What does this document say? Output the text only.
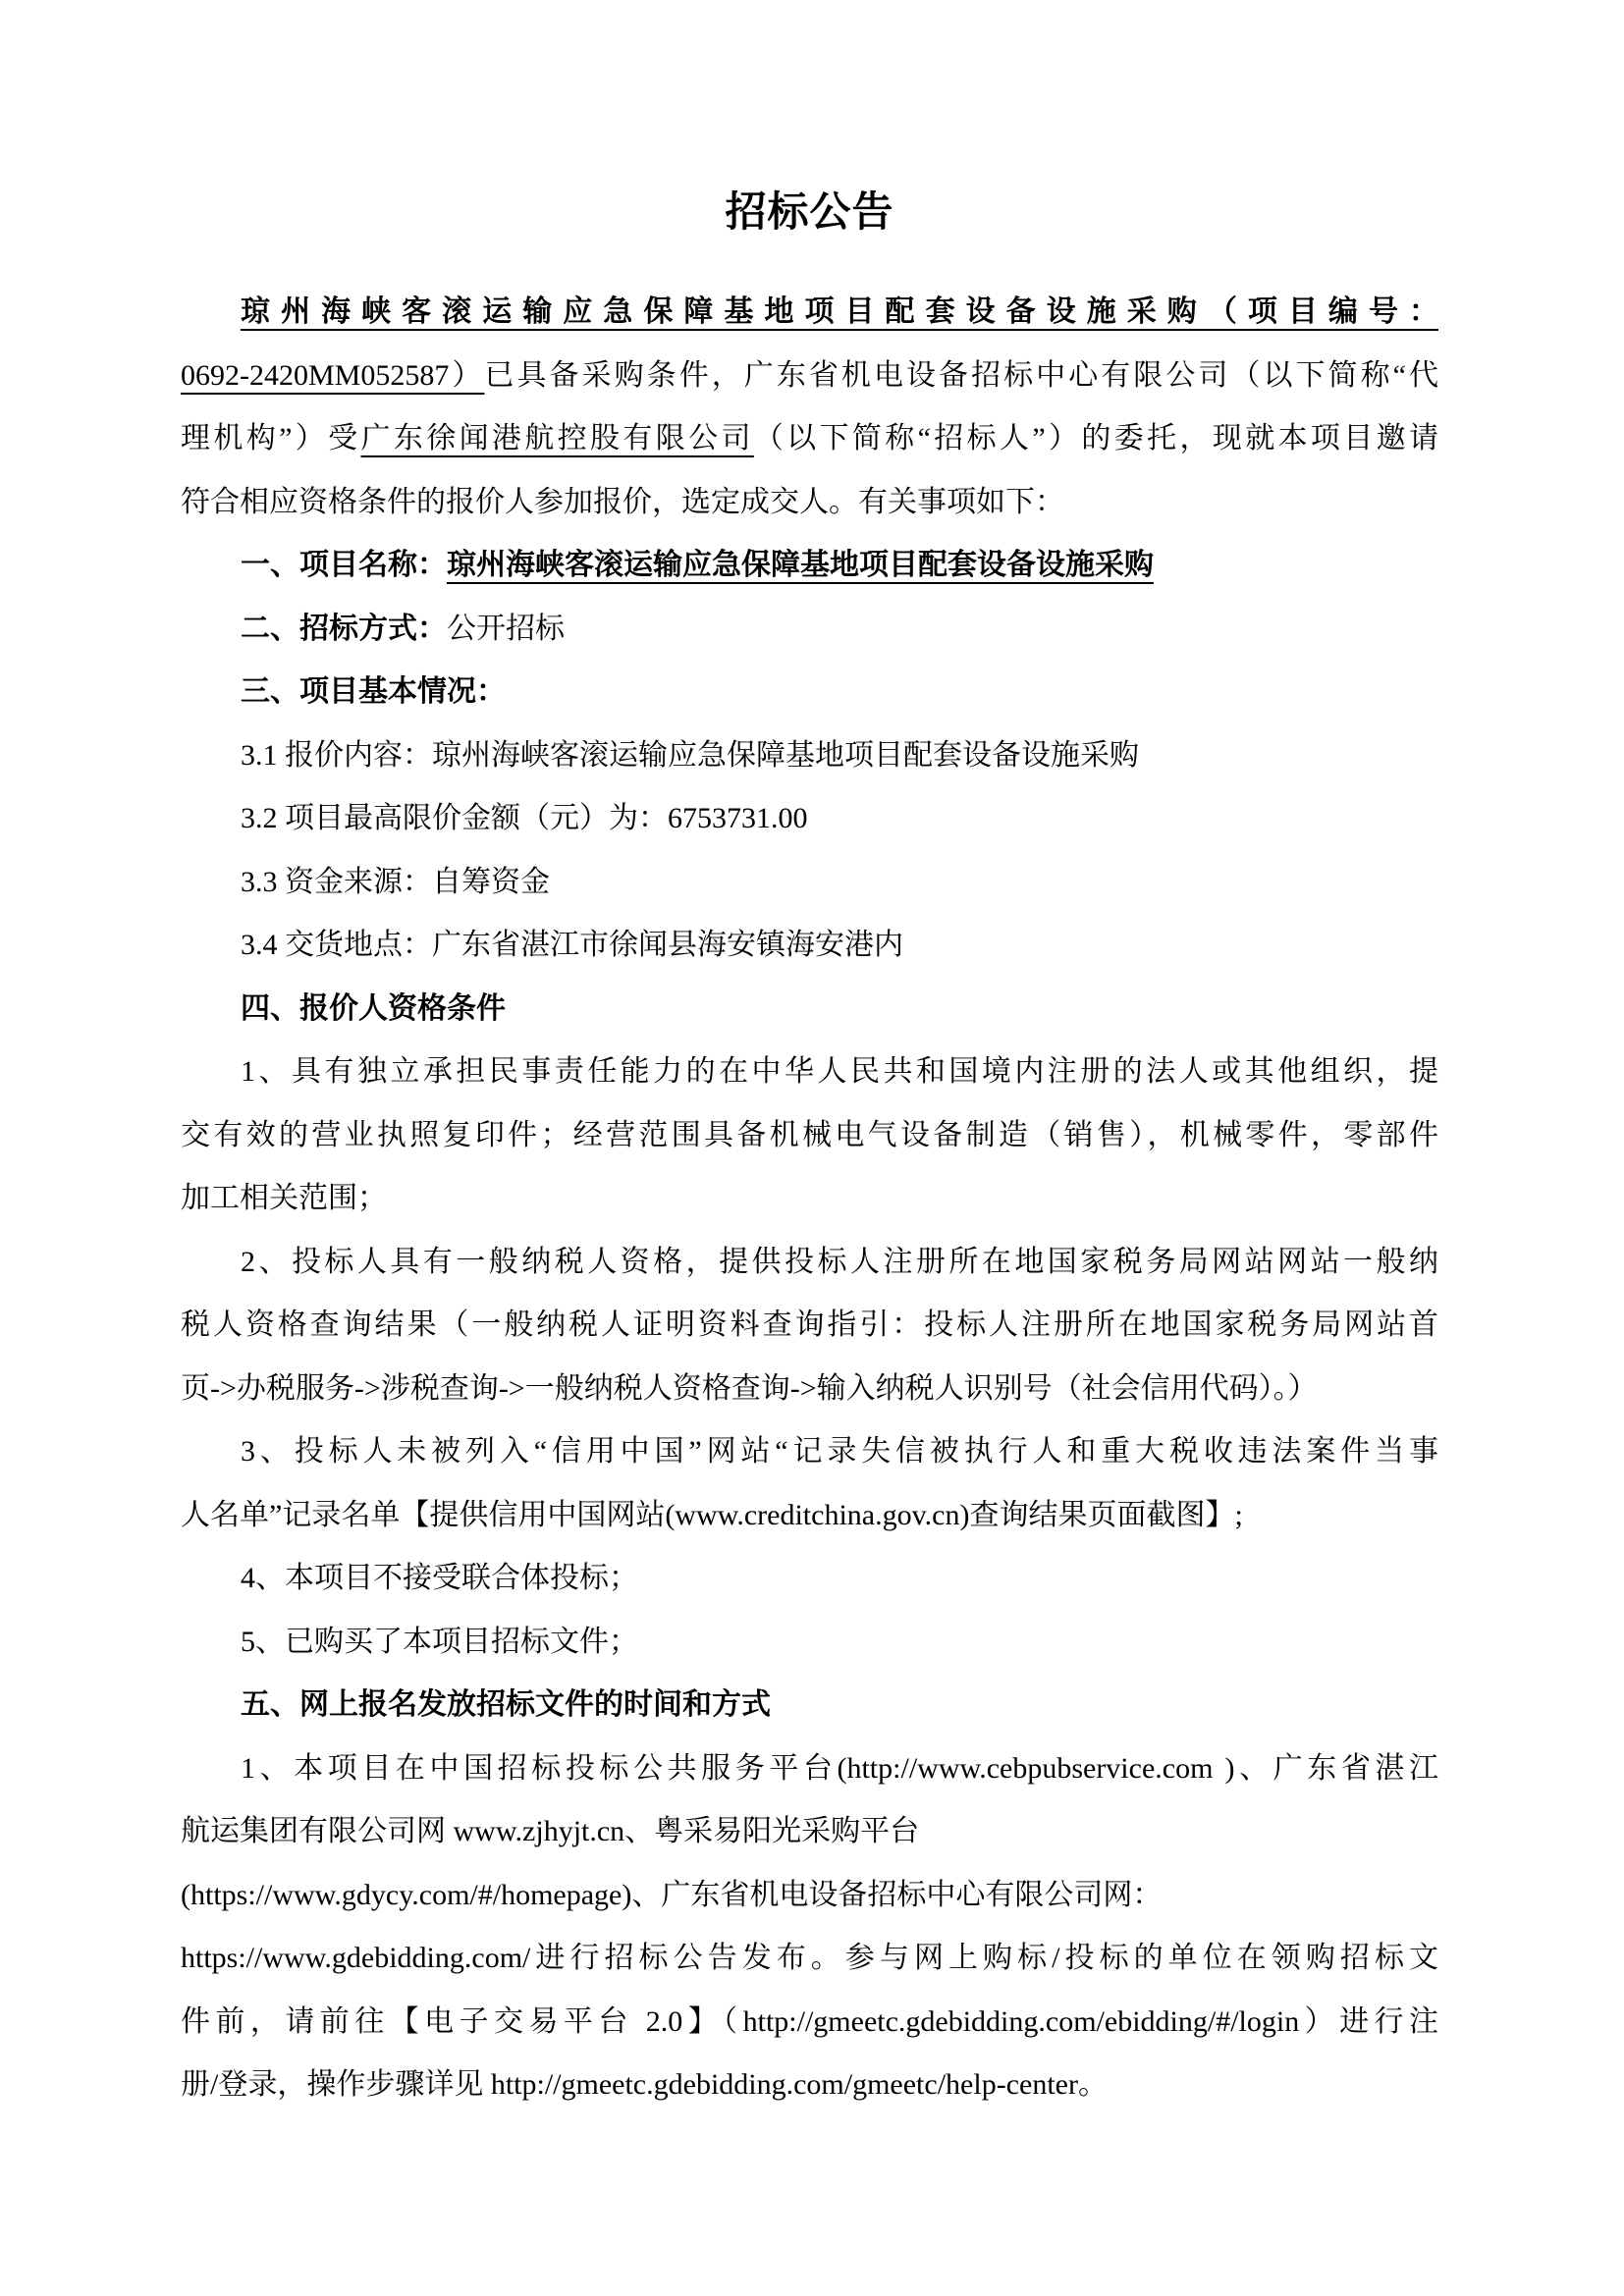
招标公告
琼州海峡客滚运输应急保障基地项目配套设备设施采购（项目编号：
0692-2420MM052587）已具备采购条件，广东省机电设备招标中心有限公司（以下简称“代
理机构”）受广东徐闻港航控股有限公司（以下简称“招标人”）的委托，现就本项目邀请
符合相应资格条件的报价人参加报价，选定成交人。有关事项如下：
一、项目名称：琼州海峡客滚运输应急保障基地项目配套设备设施采购
二、招标方式：公开招标
三、项目基本情况：
3.1 报价内容：琼州海峡客滚运输应急保障基地项目配套设备设施采购
3.2 项目最高限价金额（元）为：6753731.00
3.3 资金来源：自筹资金
3.4 交货地点：广东省湛江市徐闻县海安镇海安港内
四、报价人资格条件
1、具有独立承担民事责任能力的在中华人民共和国境内注册的法人或其他组织，提
交有效的营业执照复印件；经营范围具备机械电气设备制造（销售），机械零件，零部件
加工相关范围；
2、投标人具有一般纳税人资格，提供投标人注册所在地国家税务局网站网站一般纳
税人资格查询结果（一般纳税人证明资料查询指引：投标人注册所在地国家税务局网站首
页->办税服务->涉税查询->一般纳税人资格查询->输入纳税人识别号（社会信用代码）。）
3、投标人未被列入“信用中国”网站“记录失信被执行人和重大税收违法案件当事
人名单”记录名单【提供信用中国网站(www.creditchina.gov.cn)查询结果页面截图】;
4、本项目不接受联合体投标；
5、已购买了本项目招标文件；
五、网上报名发放招标文件的时间和方式
1、本项目在中国招标投标公共服务平台(http://www.cebpubservice.com )、广东省湛江
航运集团有限公司网 www.zjhyjt.cn、粤采易阳光采购平台
(https://www.gdycy.com/#/homepage)、广东省机电设备招标中心有限公司网：
https://www.gdebidding.com/进行招标公告发布。参与网上购标/投标的单位在领购招标文
件前，请前往【电子交易平台 2.0】（http://gmeetc.gdebidding.com/ebidding/#/login）进行注
册/登录，操作步骤详见 http://gmeetc.gdebidding.com/gmeetc/help-center。
